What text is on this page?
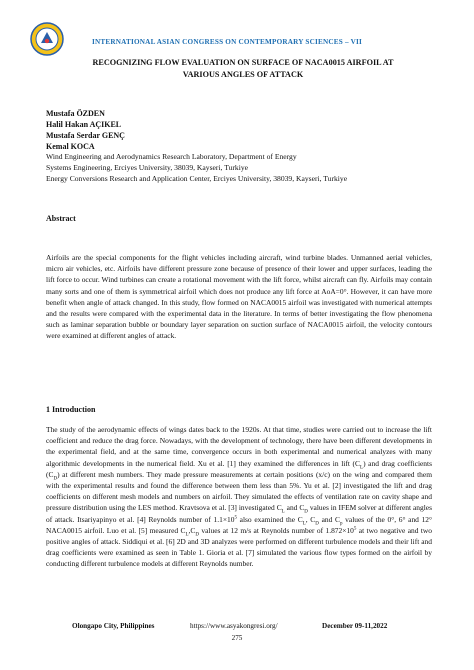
INTERNATIONAL ASIAN CONGRESS ON CONTEMPORARY SCIENCES – VII
RECOGNIZING FLOW EVALUATION ON SURFACE OF NACA0015 AIRFOIL AT
VARIOUS ANGLES OF ATTACK
Mustafa ÖZDEN
Halil Hakan AÇIKEL
Mustafa Serdar GENÇ
Kemal KOCA
Wind Engineering and Aerodynamics Research Laboratory, Department of Energy
Systems Engineering, Erciyes University, 38039, Kayseri, Turkiye
Energy Conversions Research and Application Center, Erciyes University, 38039, Kayseri, Turkiye
Abstract
Airfoils are the special components for the flight vehicles including aircraft, wind turbine blades. Unmanned aerial vehicles, micro air vehicles, etc. Airfoils have different pressure zone because of presence of their lower and upper surfaces, leading the lift force to occur. Wind turbines can create a rotational movement with the lift force, whilst aircraft can fly. Airfoils may contain many sorts and one of them is symmetrical airfoil which does not produce any lift force at AoA=0°. However, it can have more benefit when angle of attack changed. In this study, flow formed on NACA0015 airfoil was investigated with numerical attempts and the results were compared with the experimental data in the literature. In terms of better investigating the flow phenomena such as laminar separation bubble or boundary layer separation on suction surface of NACA0015 airfoil, the velocity contours were examined at different angles of attack.
1 Introduction
The study of the aerodynamic effects of wings dates back to the 1920s. At that time, studies were carried out to increase the lift coefficient and reduce the drag force. Nowadays, with the development of technology, there have been different developments in the experimental field, and at the same time, convergence occurs in both experimental and numerical analyzes with many algorithmic developments in the numerical field. Xu et al. [1] they examined the differences in lift $(C_L)$ and drag coefficients $(C_D)$ at different mesh numbers. They made pressure measurements at certain positions (x/c) on the wing and compared them with the experimental results and found the difference between them less than 5%. Yu et al. [2] investigated the lift and drag coefficients on different mesh models and numbers on airfoil. They simulated the effects of ventilation rate on cavity shape and pressure distribution using the LES method. Kravtsova et al. [3] investigated $C_L$ and $C_D$ values in IFEM solver at different angles of attack. Itsariyapinyo et al. [4] Reynolds number of $1.1\times 10^5$ also examined the $C_L$, $C_D$ and $C_p$ values of the 0°, 6° and 12° NACA0015 airfoil. Luo et al. [5] measured $C_L,C_D$ values at 12 m/s at Reynolds number of $1.872\times 10^5$ at two negative and two positive angles of attack. Siddiqui et al. [6] 2D and 3D analyzes were performed on different turbulence models and their lift and drag coefficients were examined as seen in Table 1. Gioria et al. [7] simulated the various flow types formed on the airfoil by conducting different turbulence models at different Reynolds number.
Olongapo City, Philippines	https://www.asyakongresi.org/	December 09-11,2022
275
